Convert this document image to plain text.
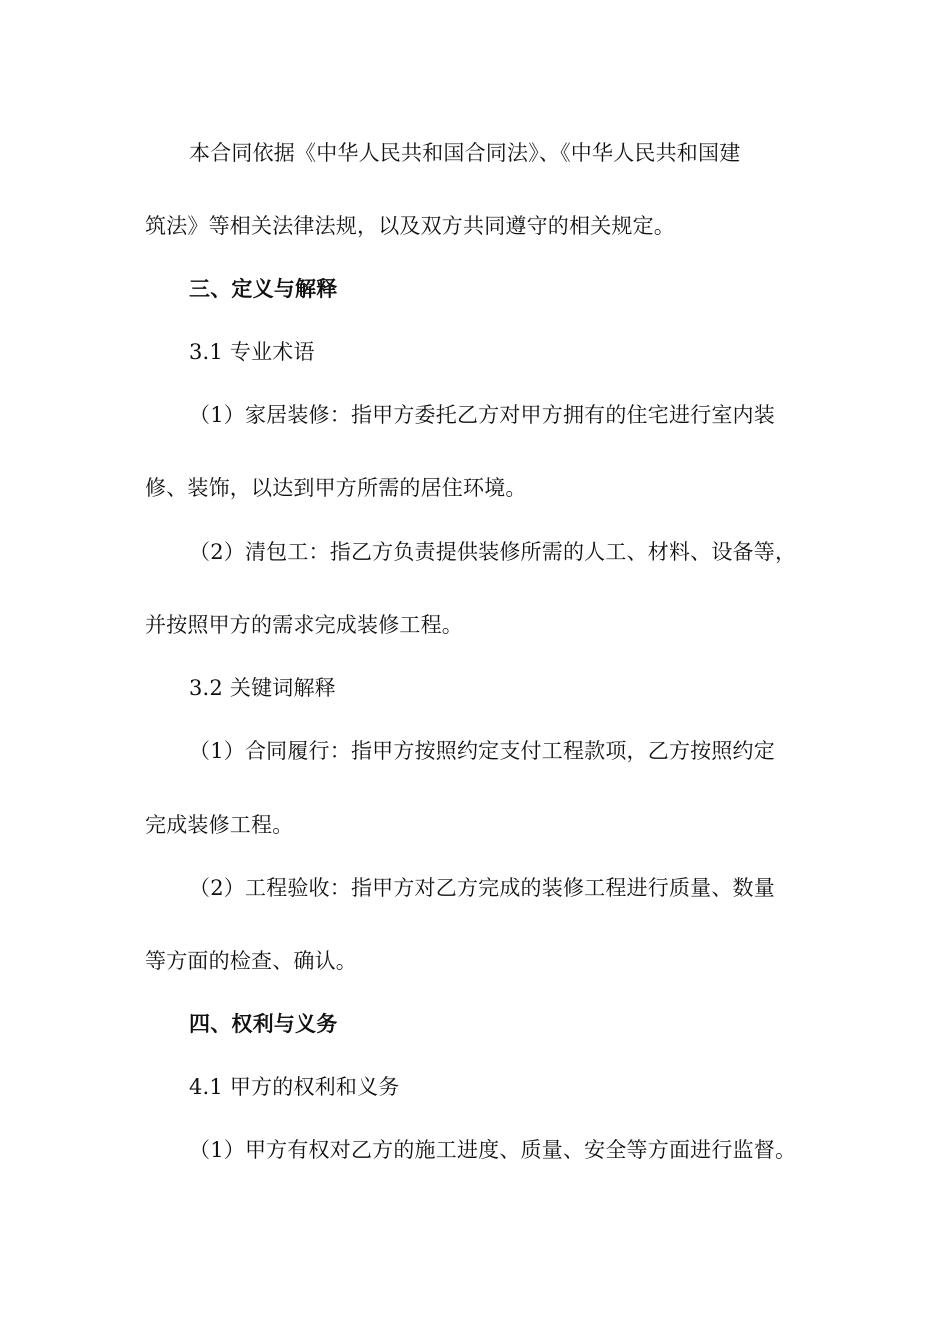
本合同依据《中华人民共和国合同法》、《中华人民共和国建
筑法》等相关法律法规，以及双方共同遵守的相关规定。
三、定义与解释
3.1 专业术语
（1）家居装修：指甲方委托乙方对甲方拥有的住宅进行室内装
修、装饰，以达到甲方所需的居住环境。
（2）清包工：指乙方负责提供装修所需的人工、材料、设备等，
并按照甲方的需求完成装修工程。
3.2 关键词解释
（1）合同履行：指甲方按照约定支付工程款项，乙方按照约定
完成装修工程。
（2）工程验收：指甲方对乙方完成的装修工程进行质量、数量
等方面的检查、确认。
四、权利与义务
4.1 甲方的权利和义务
（1）甲方有权对乙方的施工进度、质量、安全等方面进行监督。
